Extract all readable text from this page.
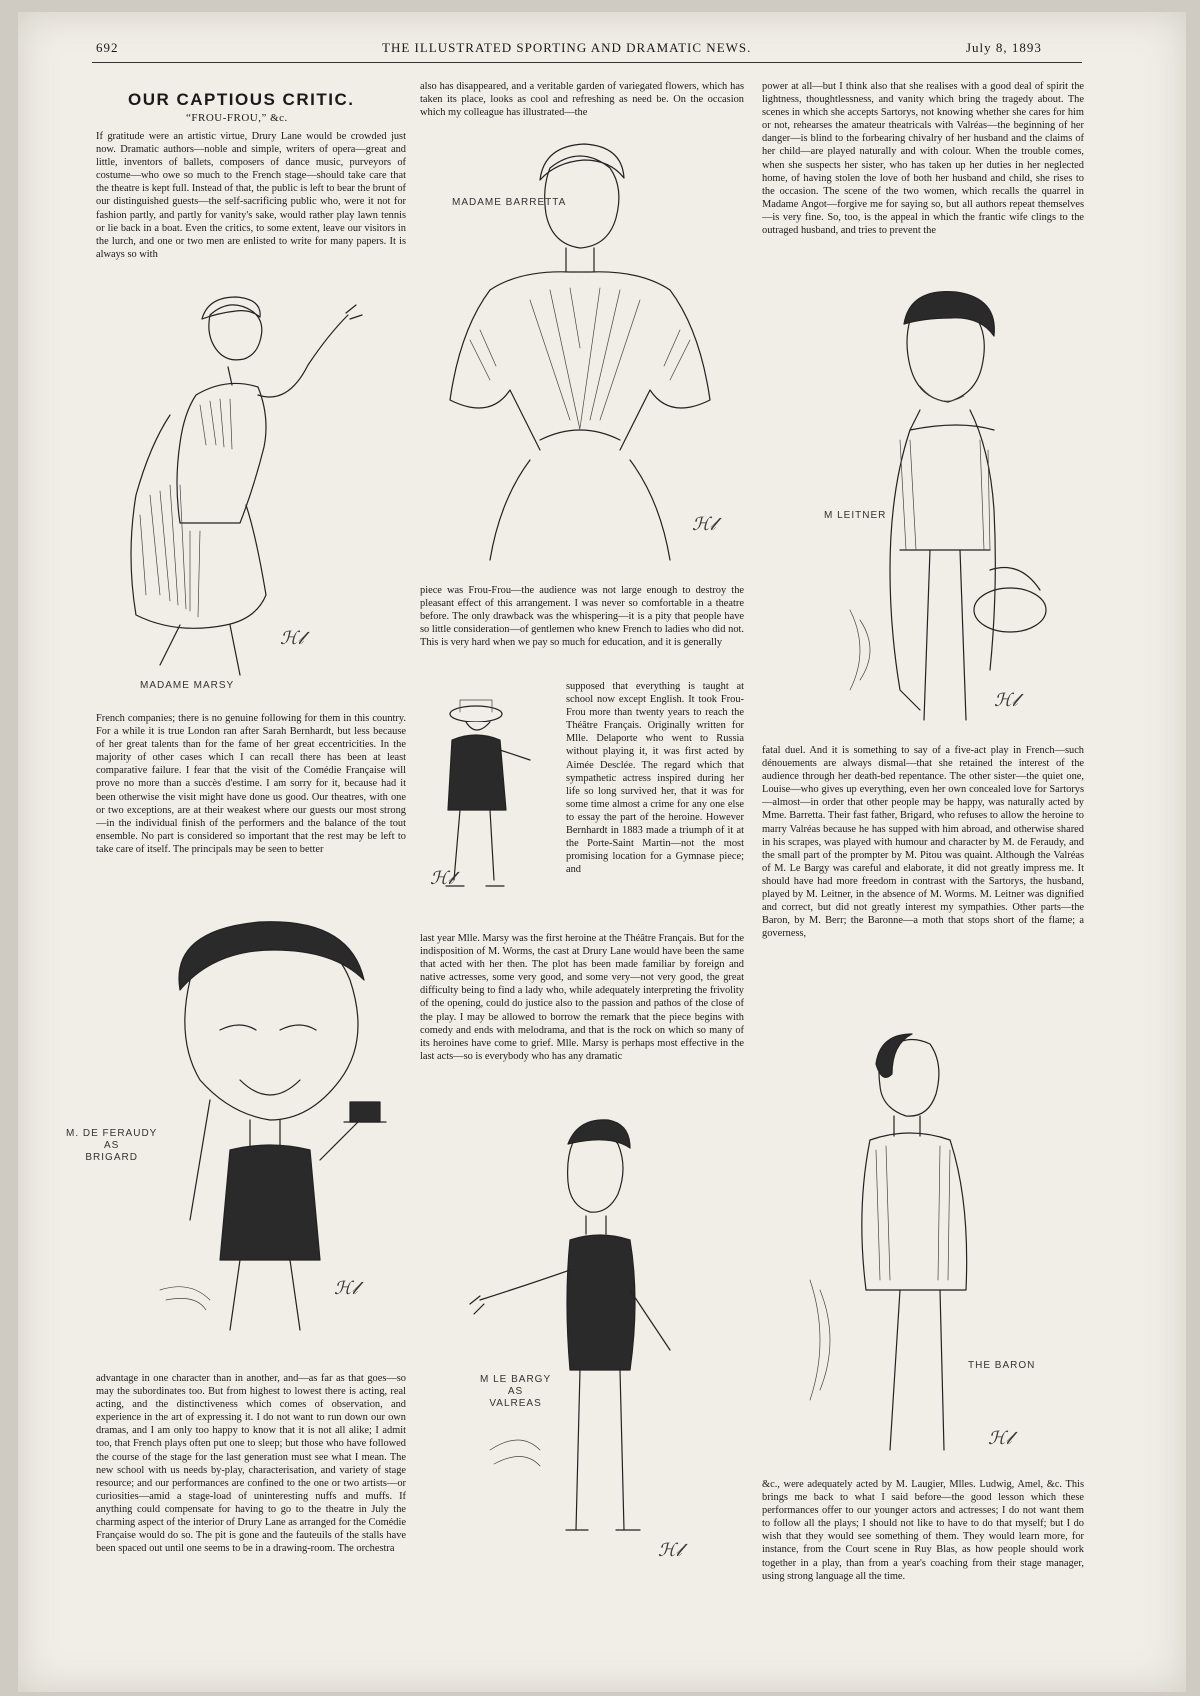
692	THE ILLUSTRATED SPORTING AND DRAMATIC NEWS.	July 8, 1893
OUR CAPTIOUS CRITIC.
“FROU-FROU,” &c.

If gratitude were an artistic virtue, Drury Lane would be crowded just now. Dramatic authors—noble and simple, writers of opera—great and little, inventors of ballets, composers of dance music, purveyors of costume—who owe so much to the French stage—should take care that the theatre is kept full. Instead of that, the public is left to bear the brunt of our distinguished guests—the self-sacrificing public who, were it not for fashion partly, and partly for vanity's sake, would rather play lawn tennis or lie back in a boat. Even the critics, to some extent, leave our visitors in the lurch, and one or two men are enlisted to write for many papers. It is always so with

French companies; there is no genuine following for them in this country. For a while it is true London ran after Sarah Bernhardt, but less because of her great talents than for the fame of her great eccentricities. In the majority of other cases which I can recall there has been at least comparative failure. I fear that the visit of the Comédie Française will prove no more than a succès d'estime. I am sorry for it, because had it been otherwise the visit might have done us good. Our theatres, with one or two exceptions, are at their weakest where our guests our most strong—in the individual finish of the performers and the balance of the tout ensemble. No part is considered so important that the rest may be left to take care of itself. The principals may be seen to better

advantage in one character than in another, and—as far as that goes—so may the subordinates too. But from highest to lowest there is acting, real acting, and the distinctiveness which comes of observation, and experience in the art of expressing it. I do not want to run down our own dramas, and I am only too happy to know that it is not all alike; I admit too, that French plays often put one to sleep; but those who have followed the course of the stage for the last generation must see what I mean. The new school with us needs by-play, characterisation, and variety of stage resource; and our performances are confined to the one or two artists—or curiosities—amid a stage-load of uninteresting nuffs and muffs. If anything could compensate for having to go to the theatre in July the charming aspect of the interior of Drury Lane as arranged for the Comédie Française would do so. The pit is gone and the fauteuils of the stalls have been spaced out until one seems to be in a drawing-room. The orchestra

also has disappeared, and a veritable garden of variegated flowers, which has taken its place, looks as cool and refreshing as need be. On the occasion which my colleague has illustrated—the

piece was Frou-Frou—the audience was not large enough to destroy the pleasant effect of this arrangement. I was never so comfortable in a theatre before. The only drawback was the whispering—it is a pity that people have so little consideration—of gentlemen who knew French to ladies who did not. This is very hard when we pay so much for education, and it is generally

supposed that everything is taught at school now except English. It took Frou-Frou more than twenty years to reach the Théâtre Français. Originally written for Mlle. Delaporte who went to Russia without playing it, it was first acted by Aimée Desclée. The regard which that sympathetic actress inspired during her life so long survived her, that it was for some time almost a crime for any one else to essay the part of the heroine. However Bernhardt in 1883 made a triumph of it at the Porte-Saint Martin—not the most promising location for a Gymnase piece; and

last year Mlle. Marsy was the first heroine at the Théâtre Français. But for the indisposition of M. Worms, the cast at Drury Lane would have been the same that acted with her then. The plot has been made familiar by foreign and native actresses, some very good, and some very—not very good, the great difficulty being to find a lady who, while adequately interpreting the frivolity of the opening, could do justice also to the passion and pathos of the close of the play. I may be allowed to borrow the remark that the piece begins with comedy and ends with melodrama, and that is the rock on which so many of its heroines have come to grief. Mlle. Marsy is perhaps most effective in the last acts—so is everybody who has any dramatic

power at all—but I think also that she realises with a good deal of spirit the lightness, thoughtlessness, and vanity which bring the tragedy about. The scenes in which she accepts Sartorys, not knowing whether she cares for him or not, rehearses the amateur theatricals with Valréas—the beginning of her danger—is blind to the forbearing chivalry of her husband and the claims of her child—are played naturally and with colour. When the trouble comes, when she suspects her sister, who has taken up her duties in her neglected home, of having stolen the love of both her husband and child, she rises to the occasion. The scene of the two women, which recalls the quarrel in Madame Angot—forgive me for saying so, but all authors repeat themselves—is very fine. So, too, is the appeal in which the frantic wife clings to the outraged husband, and tries to prevent the

fatal duel. And it is something to say of a five-act play in French—such dénouements are always dismal—that she retained the interest of the audience through her death-bed repentance. The other sister—the quiet one, Louise—who gives up everything, even her own concealed love for Sartorys—almost—in order that other people may be happy, was naturally acted by Mme. Barretta. Their fast father, Brigard, who refuses to allow the heroine to marry Valréas because he has supped with him abroad, and otherwise shared in his scrapes, was played with humour and character by M. de Feraudy, and the small part of the prompter by M. Pitou was quaint. Although the Valréas of M. Le Bargy was careful and elaborate, it did not greatly impress me. It should have had more freedom in contrast with the Sartorys, the husband, played by M. Leitner, in the absence of M. Worms. M. Leitner was dignified and correct, but did not greatly interest my sympathies. Other parts—the Baron, by M. Berr; the Baronne—a moth that stops short of the flame; a governess,

&c., were adequately acted by M. Laugier, Mlles. Ludwig, Amel, &c. This brings me back to what I said before—the good lesson which these performances offer to our younger actors and actresses; I do not want them to follow all the plays; I should not like to have to do that myself; but I do wish that they would see something of them. They would learn more, for instance, from the Court scene in Ruy Blas, as how people should work together in a play, than from a year's coaching from their stage manager, using strong language all the time.

ℋ𝓁
MADAME MARSY
MADAME BARRETTA
ℋ𝓁	M LEITNER
ℋ𝓁
ℋ𝓁
M. DE FERAUDY
AS
BRIGARD
ℋ𝓁
M LE BARGY
AS
VALREAS
ℋ𝓁
THE BARON
ℋ𝓁
